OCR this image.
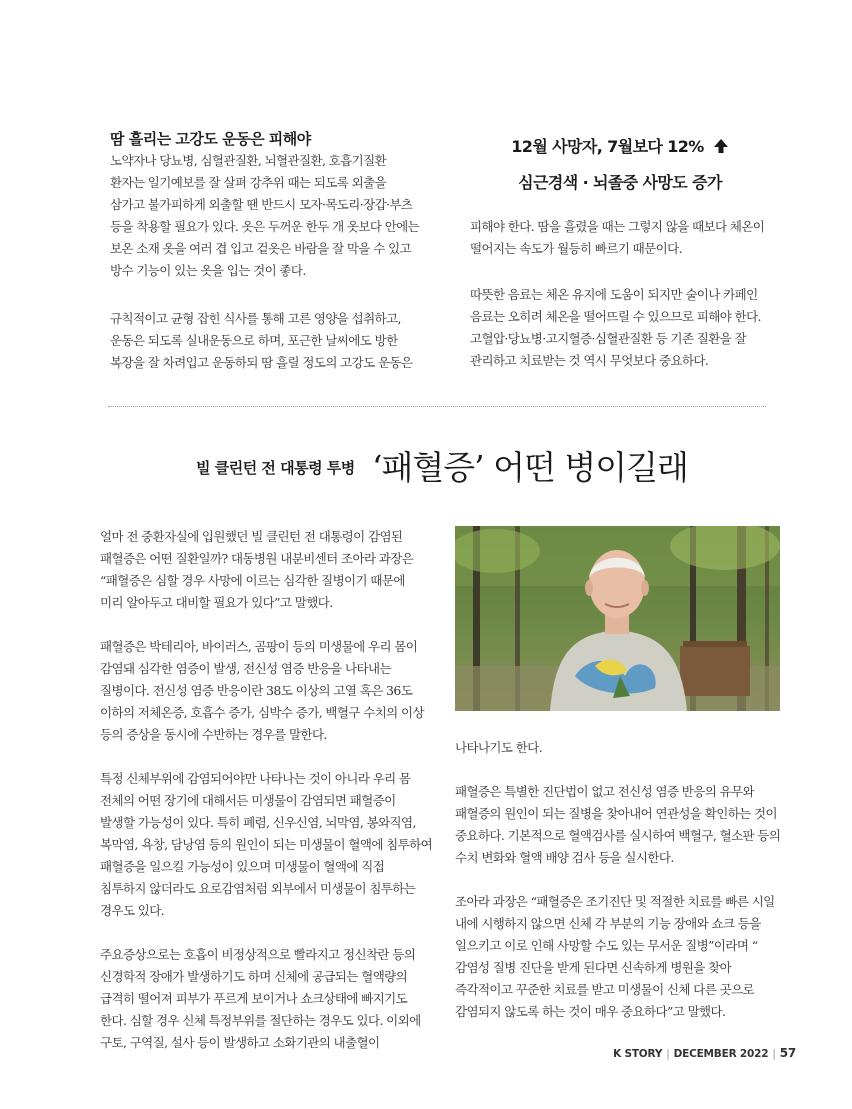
땀 흘리는 고강도 운동은 피해야

노약자나 당뇨병, 심혈관질환, 뇌혈관질환, 호흡기질환

환자는 일기예보를 잘 살펴 강추위 때는 되도록 외출을

삼가고 불가피하게 외출할 땐 반드시 모자·목도리·장갑·부츠

등을 착용할 필요가 있다. 옷은 두꺼운 한두 개 옷보다 안에는

보온 소재 옷을 여러 겹 입고 겉옷은 바람을 잘 막을 수 있고

방수 기능이 있는 옷을 입는 것이 좋다.

규칙적이고 균형 잡힌 식사를 통해 고른 영양을 섭취하고,

운동은 되도록 실내운동으로 하며, 포근한 날씨에도 방한

복장을 잘 차려입고 운동하되 땀 흘릴 정도의 고강도 운동은

12월 사망자, 7월보다 12%
심근경색 · 뇌졸중 사망도 증가

피해야 한다. 땀을 흘렸을 때는 그렇지 않을 때보다 체온이

떨어지는 속도가 월등히 빠르기 때문이다.

따뜻한 음료는 체온 유지에 도움이 되지만 술이나 카페인

음료는 오히려 체온을 떨어뜨릴 수 있으므로 피해야 한다.

고혈압·당뇨병·고지혈증·심혈관질환 등 기존 질환을 잘

관리하고 치료받는 것 역시 무엇보다 중요하다.

빌 클린턴 전 대통령 투병 ‘패혈증’ 어떤 병이길래

얼마 전 중환자실에 입원했던 빌 클린턴 전 대통령이 감염된

패혈증은 어떤 질환일까? 대동병원 내분비센터 조아라 과장은

“패혈증은 심할 경우 사망에 이르는 심각한 질병이기 때문에

미리 알아두고 대비할 필요가 있다”고 말했다.

패혈증은 박테리아, 바이러스, 곰팡이 등의 미생물에 우리 몸이

감염돼 심각한 염증이 발생, 전신성 염증 반응을 나타내는

질병이다. 전신성 염증 반응이란 38도 이상의 고열 혹은 36도

이하의 저체온증, 호흡수 증가, 심박수 증가, 백혈구 수치의 이상

등의 증상을 동시에 수반하는 경우를 말한다.

특정 신체부위에 감염되어야만 나타나는 것이 아니라 우리 몸

전체의 어떤 장기에 대해서든 미생물이 감염되면 패혈증이

발생할 가능성이 있다. 특히 폐렴, 신우신염, 뇌막염, 봉와직염,

복막염, 욕창, 담낭염 등의 원인이 되는 미생물이 혈액에 침투하여

패혈증을 일으킬 가능성이 있으며 미생물이 혈액에 직접

침투하지 않더라도 요로감염처럼 외부에서 미생물이 침투하는

경우도 있다.

주요증상으로는 호흡이 비정상적으로 빨라지고 정신착란 등의

신경학적 장애가 발생하기도 하며 신체에 공급되는 혈액량의

급격히 떨어져 피부가 푸르게 보이거나 쇼크상태에 빠지기도

한다. 심할 경우 신체 특정부위를 절단하는 경우도 있다. 이외에

구토, 구역질, 설사 등이 발생하고 소화기관의 내출혈이

나타나기도 한다.

패혈증은 특별한 진단법이 없고 전신성 염증 반응의 유무와

패혈증의 원인이 되는 질병을 찾아내어 연관성을 확인하는 것이

중요하다. 기본적으로 혈액검사를 실시하여 백혈구, 혈소판 등의

수치 변화와 혈액 배양 검사 등을 실시한다.

조아라 과장은 “패혈증은 조기진단 및 적절한 치료를 빠른 시일

내에 시행하지 않으면 신체 각 부분의 기능 장애와 쇼크 등을

일으키고 이로 인해 사망할 수도 있는 무서운 질병”이라며 “

감염성 질병 진단을 받게 된다면 신속하게 병원을 찾아

즉각적이고 꾸준한 치료를 받고 미생물이 신체 다른 곳으로

감염되지 않도록 하는 것이 매우 중요하다”고 말했다.

K STORY | DECEMBER 2022 | 57
